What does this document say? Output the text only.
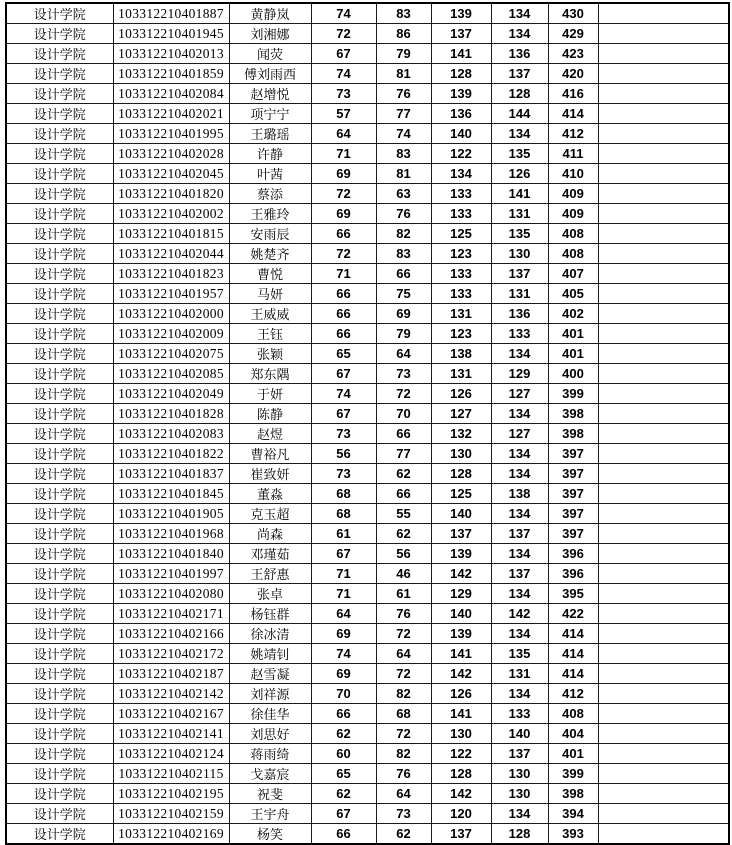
设计学院	103312210401887	黄静岚	74	83	139	134	430	
设计学院	103312210401945	刘湘娜	72	86	137	134	429	
设计学院	103312210402013	闻荧	67	79	141	136	423	
设计学院	103312210401859	傅刘雨西	74	81	128	137	420	
设计学院	103312210402084	赵增悦	73	76	139	128	416	
设计学院	103312210402021	项宁宁	57	77	136	144	414	
设计学院	103312210401995	王璐瑶	64	74	140	134	412	
设计学院	103312210402028	许静	71	83	122	135	411	
设计学院	103312210402045	叶茜	69	81	134	126	410	
设计学院	103312210401820	蔡添	72	63	133	141	409	
设计学院	103312210402002	王雅玲	69	76	133	131	409	
设计学院	103312210401815	安雨辰	66	82	125	135	408	
设计学院	103312210402044	姚楚齐	72	83	123	130	408	
设计学院	103312210401823	曹悦	71	66	133	137	407	
设计学院	103312210401957	马妍	66	75	133	131	405	
设计学院	103312210402000	王威威	66	69	131	136	402	
设计学院	103312210402009	王钰	66	79	123	133	401	
设计学院	103312210402075	张颖	65	64	138	134	401	
设计学院	103312210402085	郑东隅	67	73	131	129	400	
设计学院	103312210402049	于妍	74	72	126	127	399	
设计学院	103312210401828	陈静	67	70	127	134	398	
设计学院	103312210402083	赵煜	73	66	132	127	398	
设计学院	103312210401822	曹裕凡	56	77	130	134	397	
设计学院	103312210401837	崔致妍	73	62	128	134	397	
设计学院	103312210401845	董淼	68	66	125	138	397	
设计学院	103312210401905	克玉超	68	55	140	134	397	
设计学院	103312210401968	尚森	61	62	137	137	397	
设计学院	103312210401840	邓瑾茹	67	56	139	134	396	
设计学院	103312210401997	王舒惠	71	46	142	137	396	
设计学院	103312210402080	张卓	71	61	129	134	395	
设计学院	103312210402171	杨钰群	64	76	140	142	422	
设计学院	103312210402166	徐冰清	69	72	139	134	414	
设计学院	103312210402172	姚靖钊	74	64	141	135	414	
设计学院	103312210402187	赵雪凝	69	72	142	131	414	
设计学院	103312210402142	刘祥源	70	82	126	134	412	
设计学院	103312210402167	徐佳华	66	68	141	133	408	
设计学院	103312210402141	刘思好	62	72	130	140	404	
设计学院	103312210402124	蒋雨绮	60	82	122	137	401	
设计学院	103312210402115	戈嘉宸	65	76	128	130	399	
设计学院	103312210402195	祝斐	62	64	142	130	398	
设计学院	103312210402159	王宇舟	67	73	120	134	394	
设计学院	103312210402169	杨笑	66	62	137	128	393	
